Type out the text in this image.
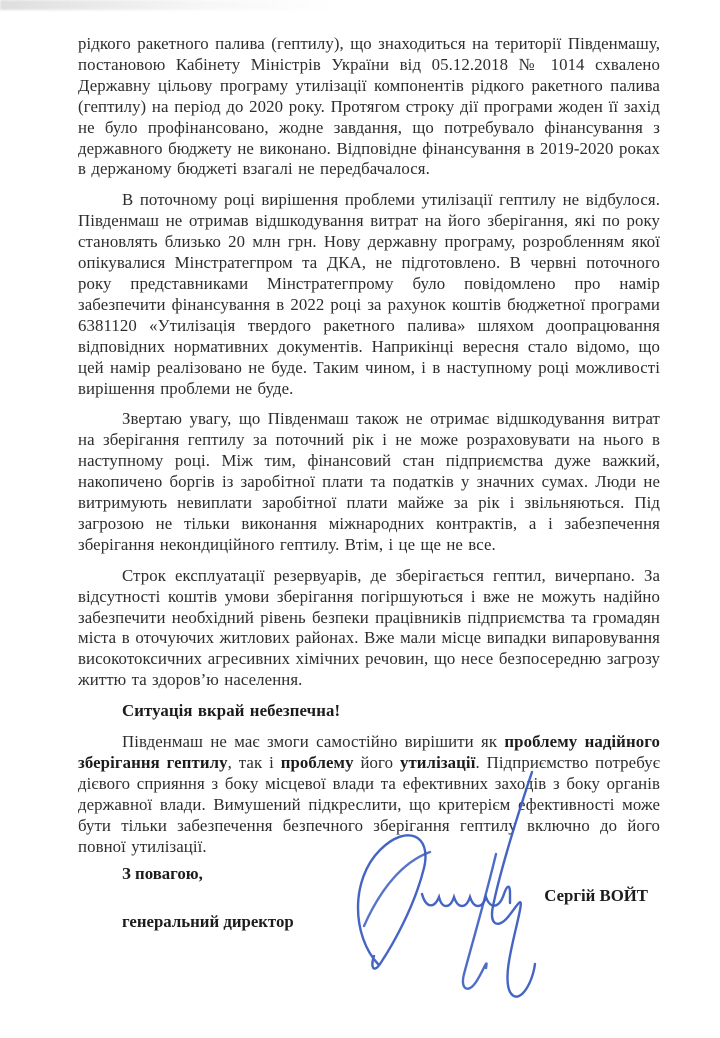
рідкого ракетного палива (гептилу), що знаходиться на території Південмашу, постановою Кабінету Міністрів України від 05.12.2018 № 1014 схвалено Державну цільову програму утилізації компонентів рідкого ракетного палива (гептилу) на період до 2020 року. Протягом строку дії програми жоден її захід не було профінансовано, жодне завдання, що потребувало фінансування з державного бюджету не виконано. Відповідне фінансування в 2019-2020 роках в держаному бюджеті взагалі не передбачалося.

В поточному році вирішення проблеми утилізації гептилу не відбулося. Південмаш не отримав відшкодування витрат на його зберігання, які по року становлять близько 20 млн грн. Нову державну програму, розробленням якої опікувалися Мінстратегпром та ДКА, не підготовлено. В червні поточного року представниками Мінстратегпрому було повідомлено про намір забезпечити фінансування в 2022 році за рахунок коштів бюджетної програми 6381120 «Утилізація твердого ракетного палива» шляхом доопрацювання відповідних нормативних документів. Наприкінці вересня стало відомо, що цей намір реалізовано не буде. Таким чином, і в наступному році можливості вирішення проблеми не буде.

Звертаю увагу, що Південмаш також не отримає відшкодування витрат на зберігання гептилу за поточний рік і не може розраховувати на нього в наступному році. Між тим, фінансовий стан підприємства дуже важкий, накопичено боргів із заробітної плати та податків у значних сумах. Люди не витримують невиплати заробітної плати майже за рік і звільняються. Під загрозою не тільки виконання міжнародних контрактів, а і забезпечення зберігання некондиційного гептилу. Втім, і це ще не все.

Строк експлуатації резервуарів, де зберігається гептил, вичерпано. За відсутності коштів умови зберігання погіршуються і вже не можуть надійно забезпечити необхідний рівень безпеки працівників підприємства та громадян міста в оточуючих житлових районах. Вже мали місце випадки випаровування високотоксичних агресивних хімічних речовин, що несе безпосередню загрозу життю та здоров’ю населення.

Ситуація вкрай небезпечна!

Південмаш не має змоги самостійно вирішити як проблему надійного зберігання гептилу, так і проблему його утилізації. Підприємство потребує дієвого сприяння з боку місцевої влади та ефективних заходів з боку органів державної влади. Вимушений підкреслити, що критерієм ефективності може бути тільки забезпечення безпечного зберігання гептилу включно до його повної утилізації.

З повагою,

генеральний директор

Сергій ВОЙТ
